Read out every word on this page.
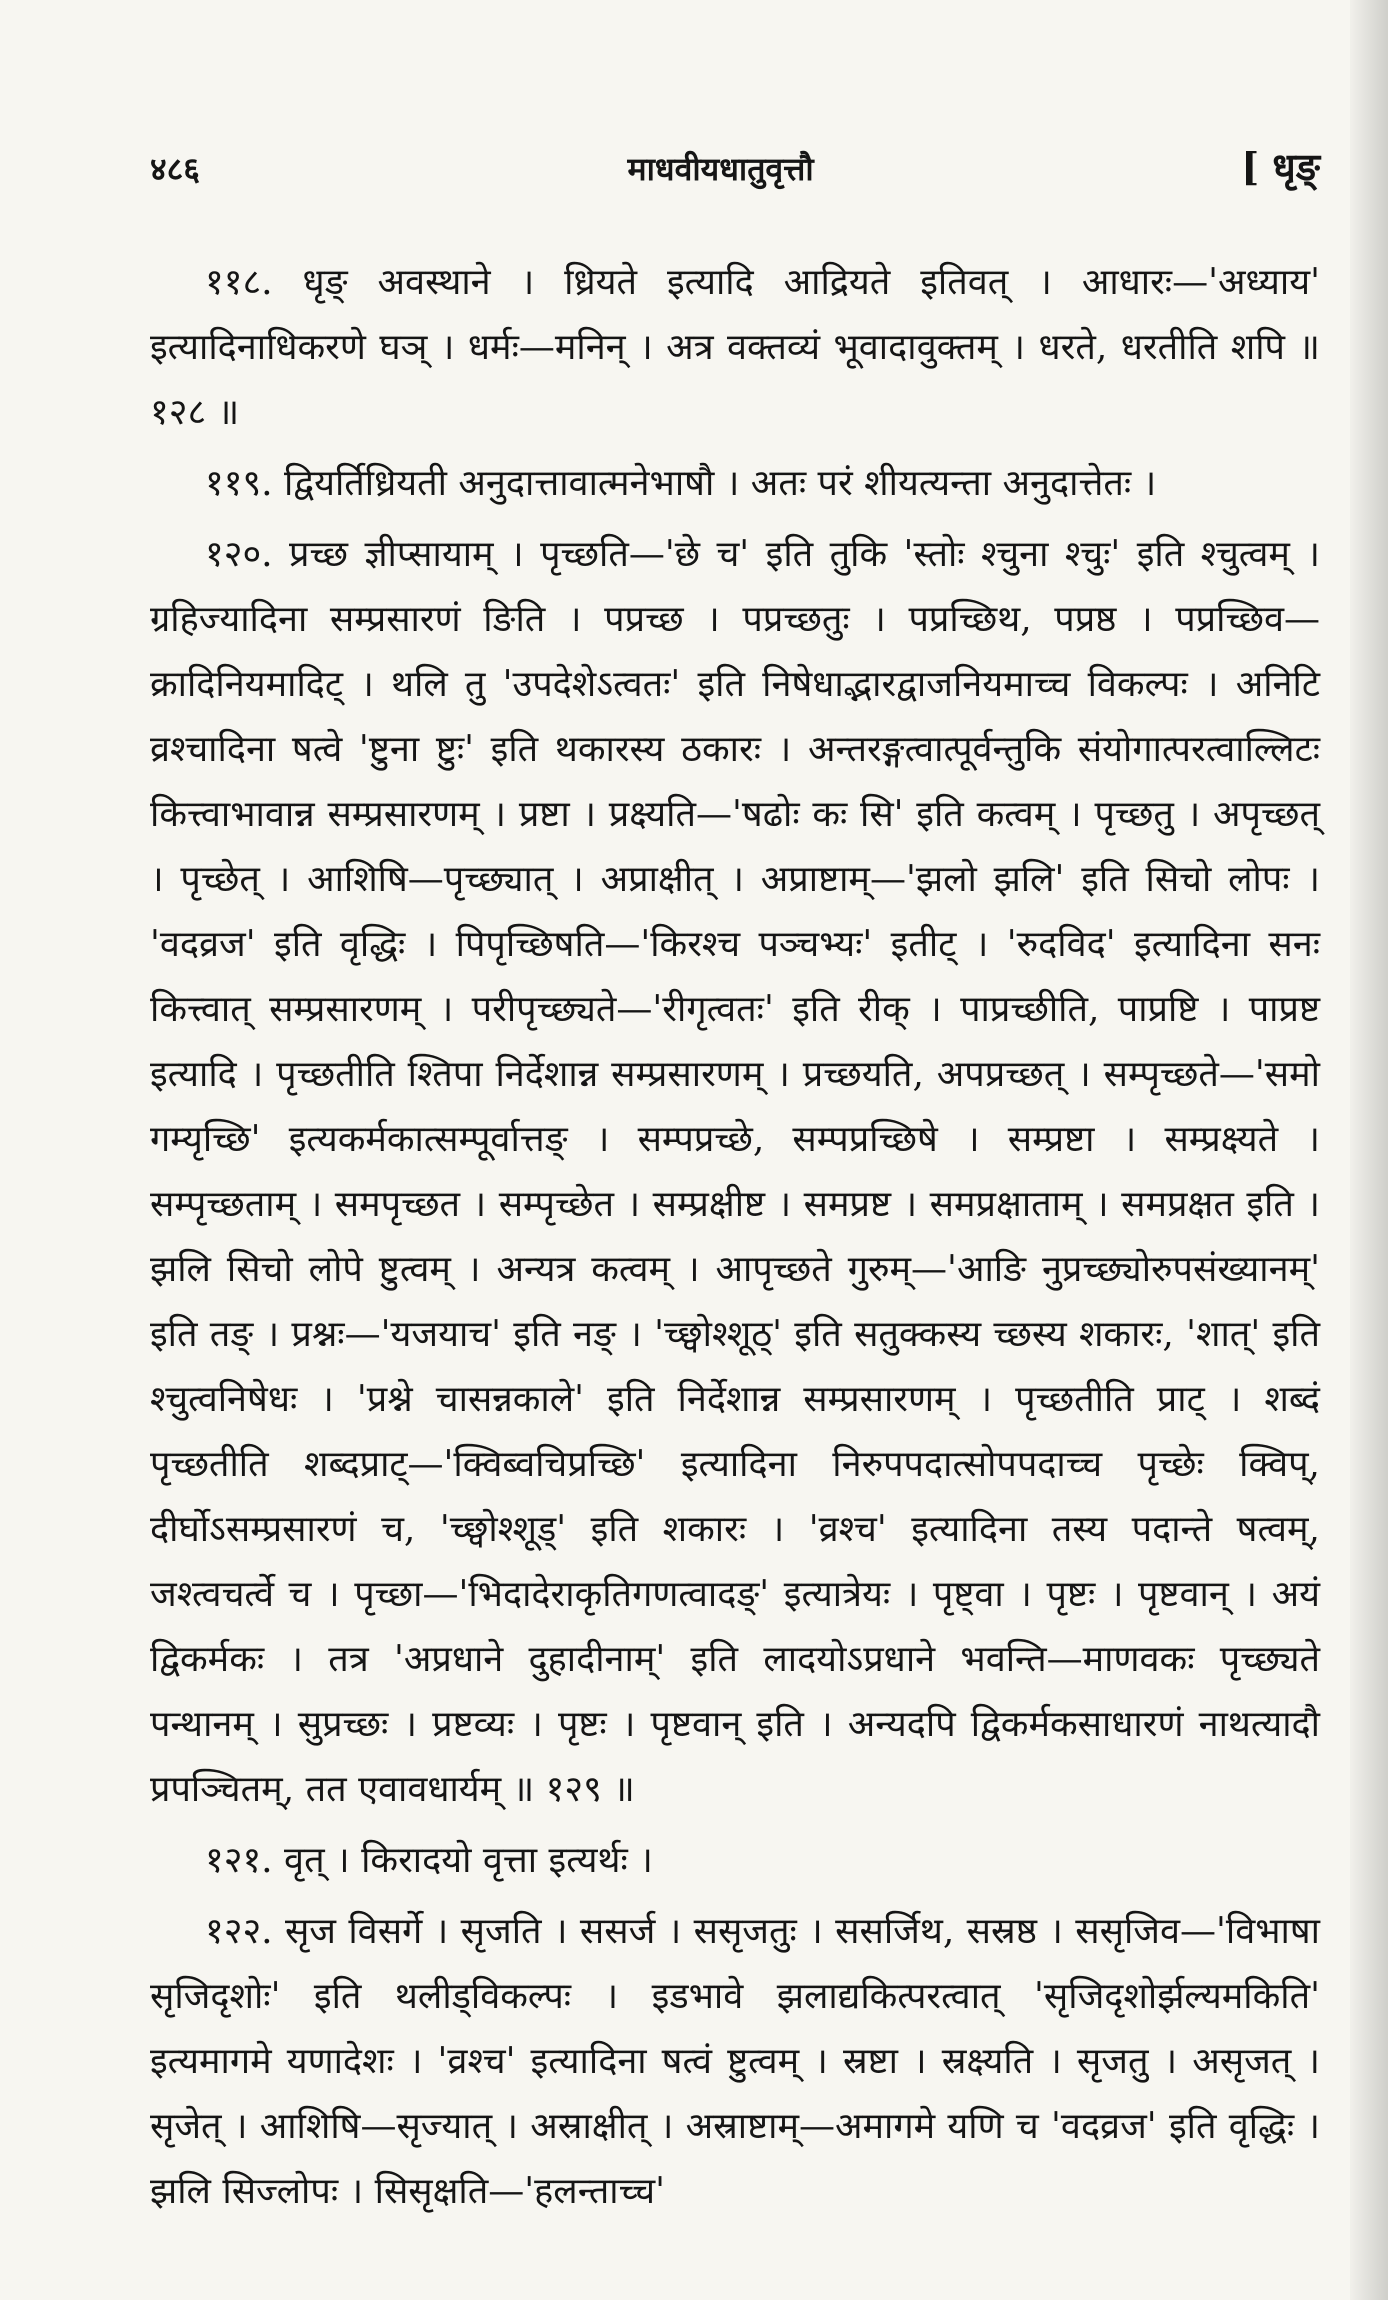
४८६	माधवीयधातुवृत्तौ	[ धृङ्

११८. धृङ् अवस्थाने । ध्रियते इत्यादि आद्रियते इतिवत् । आधारः—'अध्याय' इत्यादिनाधिकरणे घञ् । धर्मः—मनिन् । अत्र वक्तव्यं भूवादावुक्तम् । धरते, धरतीति शपि ॥ १२८ ॥

११९. द्वियर्तिध्रियती अनुदात्तावात्मनेभाषौ । अतः परं शीयत्यन्ता अनुदात्तेतः ।

१२०. प्रच्छ ज्ञीप्सायाम् । पृच्छति—'छे च' इति तुकि 'स्तोः श्चुना श्चुः' इति श्चुत्वम् । ग्रहिज्यादिना सम्प्रसारणं ङिति । पप्रच्छ । पप्रच्छतुः । पप्रच्छिथ, पप्रष्ठ । पप्रच्छिव—क्रादिनियमादिट् । थलि तु 'उपदेशेऽत्वतः' इति निषेधाद्भारद्वाजनियमाच्च विकल्पः । अनिटि व्रश्चादिना षत्वे 'ष्टुना ष्टुः' इति थकारस्य ठकारः । अन्तरङ्गत्वात्पूर्वन्तुकि संयोगात्परत्वाल्लिटः कित्त्वाभावान्न सम्प्रसारणम् । प्रष्टा । प्रक्ष्यति—'षढोः कः सि' इति कत्वम् । पृच्छतु । अपृच्छत् । पृच्छेत् । आशिषि—पृच्छ्यात् । अप्राक्षीत् । अप्राष्टाम्—'झलो झलि' इति सिचो लोपः । 'वदव्रज' इति वृद्धिः । पिपृच्छिषति—'किरश्च पञ्चभ्यः' इतीट् । 'रुदविद' इत्यादिना सनः कित्त्वात् सम्प्रसारणम् । परीपृच्छ्यते—'रीगृत्वतः' इति रीक् । पाप्रच्छीति, पाप्रष्टि । पाप्रष्ट इत्यादि । पृच्छतीति श्तिपा निर्देशान्न सम्प्रसारणम् । प्रच्छयति, अपप्रच्छत् । सम्पृच्छते—'समो गम्यृच्छि' इत्यकर्मकात्सम्पूर्वात्तङ् । सम्पप्रच्छे, सम्पप्रच्छिषे । सम्प्रष्टा । सम्प्रक्ष्यते । सम्पृच्छताम् । समपृच्छत । सम्पृच्छेत । सम्प्रक्षीष्ट । समप्रष्ट । समप्रक्षाताम् । समप्रक्षत इति । झलि सिचो लोपे ष्टुत्वम् । अन्यत्र कत्वम् । आपृच्छते गुरुम्—'आङि नुप्रच्छ्योरुपसंख्यानम्' इति तङ् । प्रश्नः—'यजयाच' इति नङ् । 'च्छ्वोश्शूठ्' इति सतुक्कस्य च्छस्य शकारः, 'शात्' इति श्चुत्वनिषेधः । 'प्रश्ने चासन्नकाले' इति निर्देशान्न सम्प्रसारणम् । पृच्छतीति प्राट् । शब्दं पृच्छतीति शब्दप्राट्—'क्विब्वचिप्रच्छि' इत्यादिना निरुपपदात्सोपपदाच्च पृच्छेः क्विप्, दीर्घोऽसम्प्रसारणं च, 'च्छ्वोश्शूड्' इति शकारः । 'व्रश्च' इत्यादिना तस्य पदान्ते षत्वम्, जश्त्वचर्त्वे च । पृच्छा—'भिदादेराकृतिगणत्वादङ्' इत्यात्रेयः । पृष्ट्वा । पृष्टः । पृष्टवान् । अयं द्विकर्मकः । तत्र 'अप्रधाने दुहादीनाम्' इति लादयोऽप्रधाने भवन्ति—माणवकः पृच्छ्यते पन्थानम् । सुप्रच्छः । प्रष्टव्यः । पृष्टः । पृष्टवान् इति । अन्यदपि द्विकर्मकसाधारणं नाथत्यादौ प्रपञ्चितम्, तत एवावधार्यम् ॥ १२९ ॥

१२१. वृत् । किरादयो वृत्ता इत्यर्थः ।

१२२. सृज विसर्गे । सृजति । ससर्ज । ससृजतुः । ससर्जिथ, सस्रष्ठ । ससृजिव—'विभाषा सृजिदृशोः' इति थलीड्विकल्पः । इडभावे झलाद्यकित्परत्वात् 'सृजिदृशोर्झल्यमकिति' इत्यमागमे यणादेशः । 'व्रश्च' इत्यादिना षत्वं ष्टुत्वम् । स्रष्टा । स्रक्ष्यति । सृजतु । असृजत् । सृजेत् । आशिषि—सृज्यात् । अस्राक्षीत् । अस्राष्टाम्—अमागमे यणि च 'वदव्रज' इति वृद्धिः । झलि सिज्लोपः । सिसृक्षति—'हलन्ताच्च'
